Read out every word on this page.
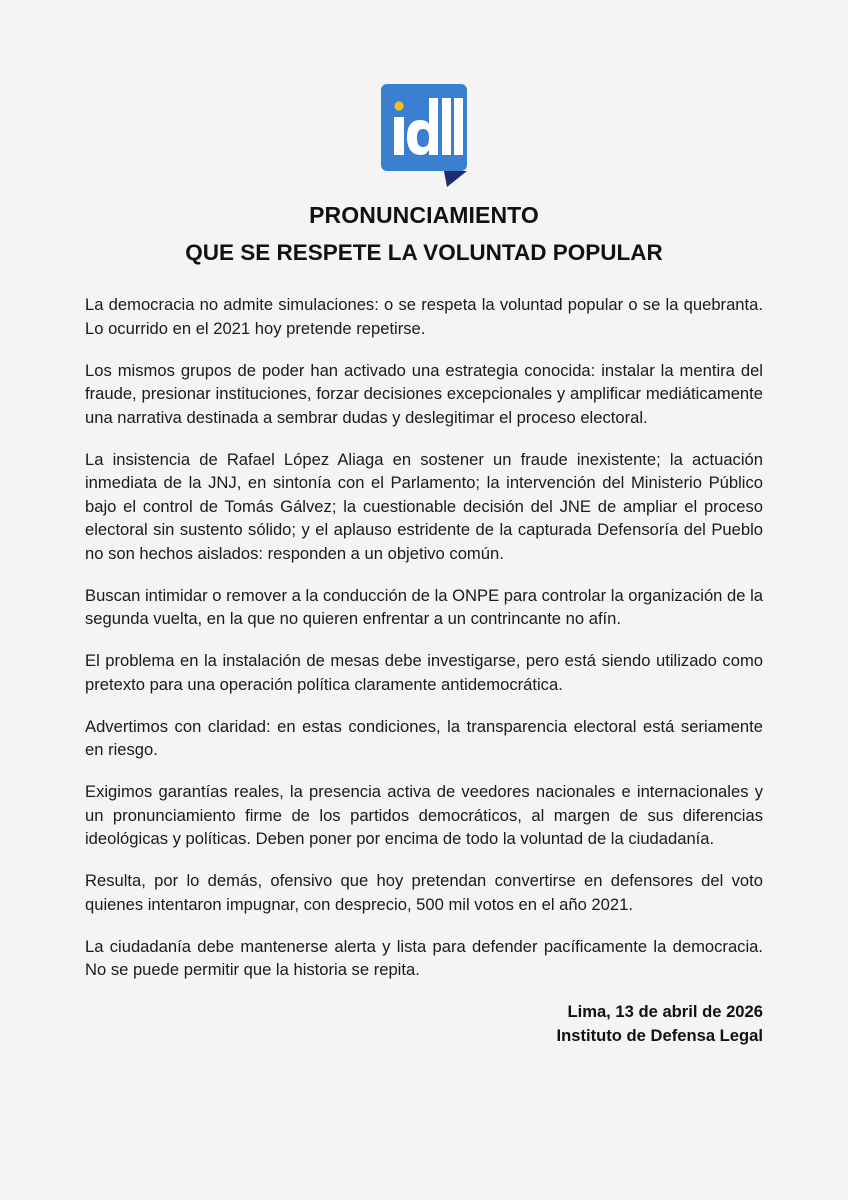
PRONUNCIAMIENTO
QUE SE RESPETE LA VOLUNTAD POPULAR

La democracia no admite simulaciones: o se respeta la voluntad popular o se la quebranta. Lo ocurrido en el 2021 hoy pretende repetirse.

Los mismos grupos de poder han activado una estrategia conocida: instalar la mentira del fraude, presionar instituciones, forzar decisiones excepcionales y amplificar mediáticamente una narrativa destinada a sembrar dudas y deslegitimar el proceso electoral.

La insistencia de Rafael López Aliaga en sostener un fraude inexistente; la actuación inmediata de la JNJ, en sintonía con el Parlamento; la intervención del Ministerio Público bajo el control de Tomás Gálvez; la cuestionable decisión del JNE de ampliar el proceso electoral sin sustento sólido; y el aplauso estridente de la capturada Defensoría del Pueblo no son hechos aislados: responden a un objetivo común.

Buscan intimidar o remover a la conducción de la ONPE para controlar la organización de la segunda vuelta, en la que no quieren enfrentar a un contrincante no afín.

El problema en la instalación de mesas debe investigarse, pero está siendo utilizado como pretexto para una operación política claramente antidemocrática.

Advertimos con claridad: en estas condiciones, la transparencia electoral está seriamente en riesgo.

Exigimos garantías reales, la presencia activa de veedores nacionales e internacionales y un pronunciamiento firme de los partidos democráticos, al margen de sus diferencias ideológicas y políticas. Deben poner por encima de todo la voluntad de la ciudadanía.

Resulta, por lo demás, ofensivo que hoy pretendan convertirse en defensores del voto quienes intentaron impugnar, con desprecio, 500 mil votos en el año 2021.

La ciudadanía debe mantenerse alerta y lista para defender pacíficamente la democracia. No se puede permitir que la historia se repita.

Lima, 13 de abril de 2026
Instituto de Defensa Legal
